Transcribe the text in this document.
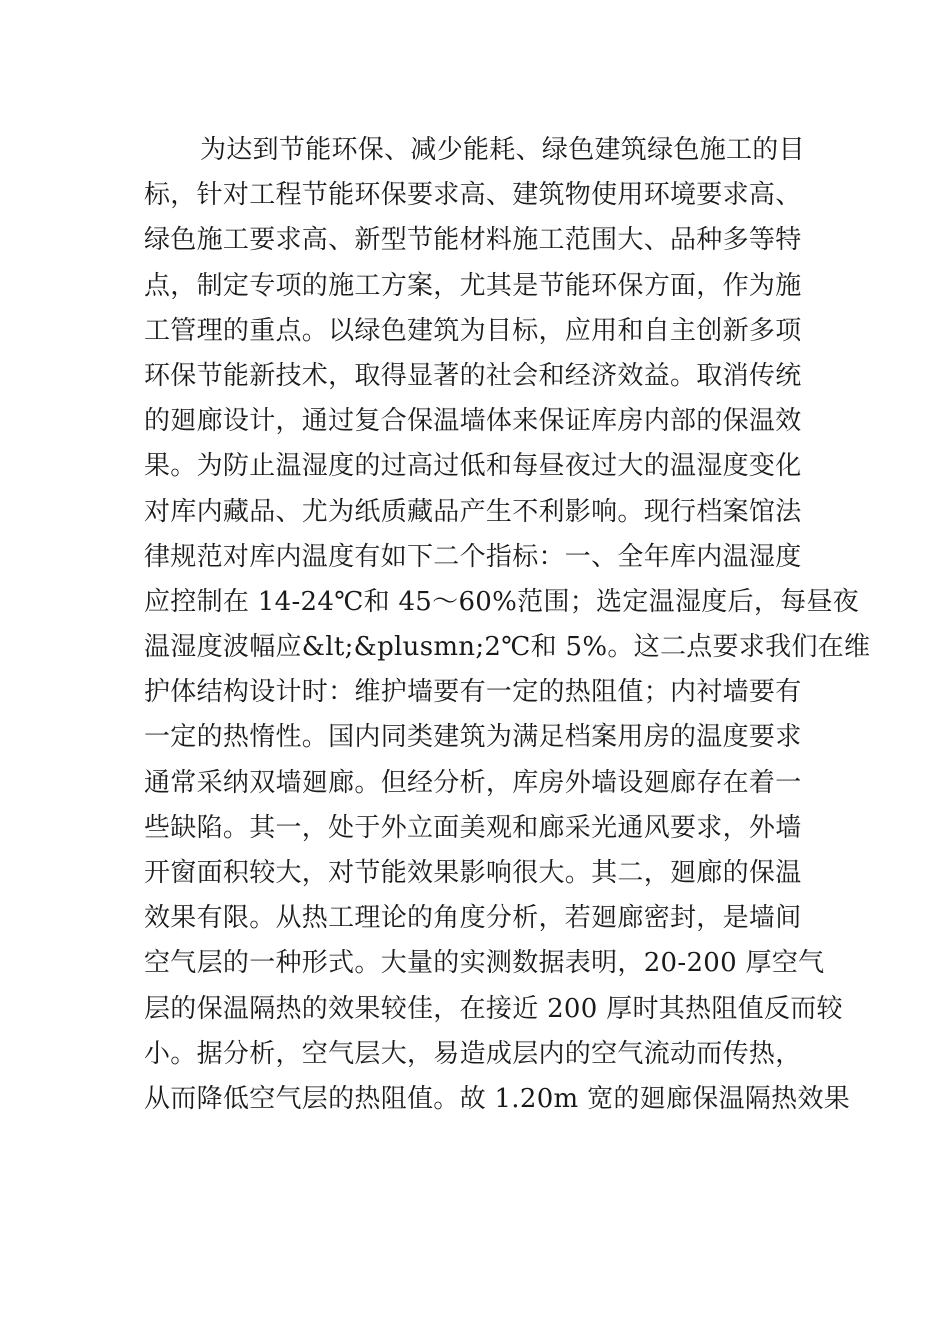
为达到节能环保、减少能耗、绿色建筑绿色施工的目
标，针对工程节能环保要求高、建筑物使用环境要求高、
绿色施工要求高、新型节能材料施工范围大、品种多等特
点，制定专项的施工方案，尤其是节能环保方面，作为施
工管理的重点。以绿色建筑为目标，应用和自主创新多项
环保节能新技术，取得显著的社会和经济效益。取消传统
的廻廊设计，通过复合保温墙体来保证库房内部的保温效
果。为防止温湿度的过高过低和每昼夜过大的温湿度变化
对库内藏品、尤为纸质藏品产生不利影响。现行档案馆法
律规范对库内温度有如下二个指标：一、全年库内温湿度
应控制在 14-24℃和 45～60%范围；选定温湿度后，每昼夜
温湿度波幅应&lt;&plusmn;2℃和 5%。这二点要求我们在维
护体结构设计时：维护墙要有一定的热阻值；内衬墙要有
一定的热惰性。国内同类建筑为满足档案用房的温度要求
通常采纳双墙廻廊。但经分析，库房外墙设廻廊存在着一
些缺陷。其一，处于外立面美观和廊采光通风要求，外墙
开窗面积较大，对节能效果影响很大。其二，廻廊的保温
效果有限。从热工理论的角度分析，若廻廊密封，是墙间
空气层的一种形式。大量的实测数据表明，20-200 厚空气
层的保温隔热的效果较佳，在接近 200 厚时其热阻值反而较
小。据分析，空气层大，易造成层内的空气流动而传热，
从而降低空气层的热阻值。故 1.20m 宽的廻廊保温隔热效果
